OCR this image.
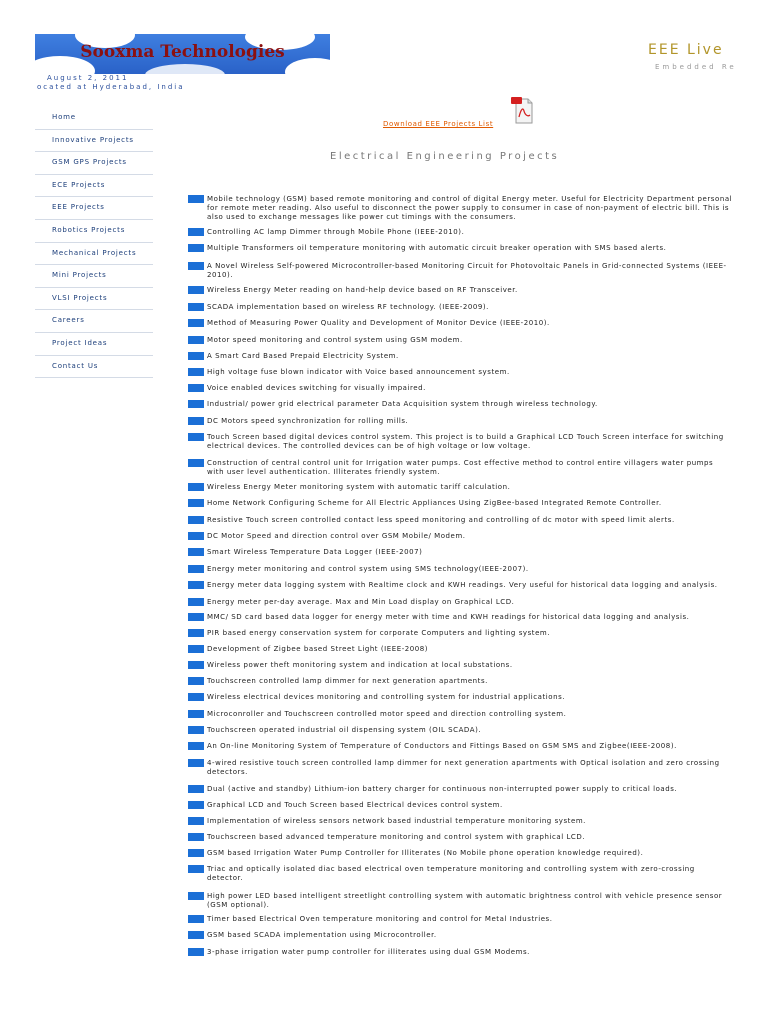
Sooxma Technologies	EEE Live
Embedded Re
August 2, 2011
ocated at Hyderabad, India
Home
Innovative Projects
GSM GPS Projects
ECE Projects
EEE Projects
Robotics Projects
Mechanical Projects
Mini Projects
VLSI Projects
Careers
Project Ideas
Contact Us
Download EEE Projects List
Electrical Engineering Projects
Mobile technology (GSM) based remote monitoring and control of digital Energy meter. Useful for Electricity Department personal for remote meter reading. Also useful to disconnect the power supply to consumer in case of non-payment of electric bill. This is also used to exchange messages like power cut timings with the consumers.
Controlling AC lamp Dimmer through Mobile Phone (IEEE-2010).
Multiple Transformers oil temperature monitoring with automatic circuit breaker operation with SMS based alerts.
A Novel Wireless Self-powered Microcontroller-based Monitoring Circuit for Photovoltaic Panels in Grid-connected Systems (IEEE-2010).
Wireless Energy Meter reading on hand-help device based on RF Transceiver.
SCADA implementation based on wireless RF technology. (IEEE-2009).
Method of Measuring Power Quality and Development of Monitor Device (IEEE-2010).
Motor speed monitoring and control system using GSM modem.
A Smart Card Based Prepaid Electricity System.
High voltage fuse blown indicator with Voice based announcement system.
Voice enabled devices switching for visually impaired.
Industrial/ power grid electrical parameter Data Acquisition system through wireless technology.
DC Motors speed synchronization for rolling mills.
Touch Screen based digital devices control system. This project is to build a Graphical LCD Touch Screen interface for switching electrical devices. The controlled devices can be of high voltage or low voltage.
Construction of central control unit for Irrigation water pumps. Cost effective method to control entire villagers water pumps with user level authentication. Illiterates friendly system.
Wireless Energy Meter monitoring system with automatic tariff calculation.
Home Network Configuring Scheme for All Electric Appliances Using ZigBee-based Integrated Remote Controller.
Resistive Touch screen controlled contact less speed monitoring and controlling of dc motor with speed limit alerts.
DC Motor Speed and direction control over GSM Mobile/ Modem.
Smart Wireless Temperature Data Logger (IEEE-2007)
Energy meter monitoring and control system using SMS technology(IEEE-2007).
Energy meter data logging system with Realtime clock and KWH readings. Very useful for historical data logging and analysis.
Energy meter per-day average. Max and Min Load display on Graphical LCD.
MMC/ SD card based data logger for energy meter with time and KWH readings for historical data logging and analysis.
PIR based energy conservation system for corporate Computers and lighting system.
Development of Zigbee based Street Light (IEEE-2008)
Wireless power theft monitoring system and indication at local substations.
Touchscreen controlled lamp dimmer for next generation apartments.
Wireless electrical devices monitoring and controlling system for industrial applications.
Microconroller and Touchscreen controlled motor speed and direction controlling system.
Touchscreen operated industrial oil dispensing system (OIL SCADA).
An On-line Monitoring System of Temperature of Conductors and Fittings Based on GSM SMS and Zigbee(IEEE-2008).
4-wired resistive touch screen controlled lamp dimmer for next generation apartments with Optical isolation and zero crossing detectors.
Dual (active and standby) Lithium-ion battery charger for continuous non-interrupted power supply to critical loads.
Graphical LCD and Touch Screen based Electrical devices control system.
Implementation of wireless sensors network based industrial temperature monitoring system.
Touchscreen based advanced temperature monitoring and control system with graphical LCD.
GSM based Irrigation Water Pump Controller for Illiterates (No Mobile phone operation knowledge required).
Triac and optically isolated diac based electrical oven temperature monitoring and controlling system with zero-crossing detector.
High power LED based intelligent streetlight controlling system with automatic brightness control with vehicle presence sensor (GSM optional).
Timer based Electrical Oven temperature monitoring and control for Metal Industries.
GSM based SCADA implementation using Microcontroller.
3-phase irrigation water pump controller for illiterates using dual GSM Modems.
